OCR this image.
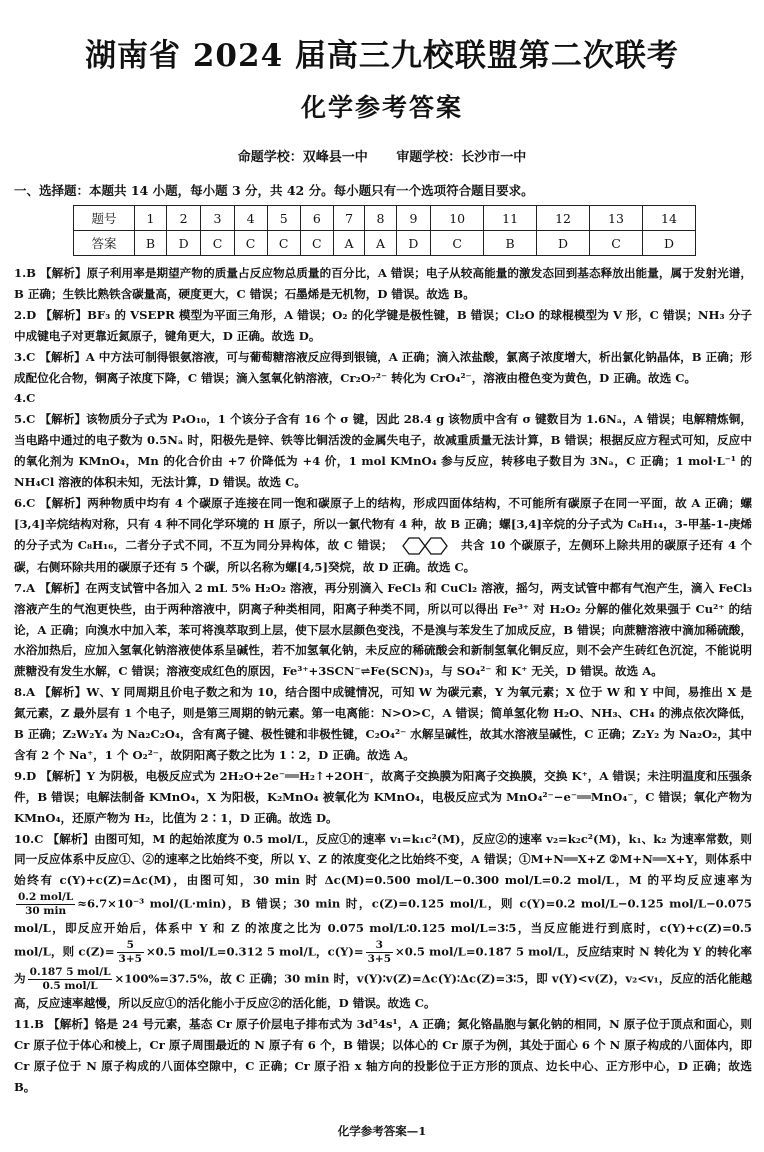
湖南省 2024 届高三九校联盟第二次联考
化学参考答案
命题学校：双峰县一中 审题学校：长沙市一中
一、选择题：本题共 14 小题，每小题 3 分，共 42 分。每小题只有一个选项符合题目要求。
题号	1	2	3	4	5	6	7	8	9	10	11	12	13	14
答案	B	D	C	C	C	C	A	A	D	C	B	D	C	D

1.B 【解析】原子利用率是期望产物的质量占反应物总质量的百分比，A 错误；电子从较高能量的激发态回到基态释放出能量，属于发射光谱，B 正确；生铁比熟铁含碳量高，硬度更大，C 错误；石墨烯是无机物，D 错误。故选 B。

2.D 【解析】BF₃ 的 VSEPR 模型为平面三角形，A 错误；O₂ 的化学键是极性键，B 错误；Cl₂O 的球棍模型为 V 形，C 错误；NH₃ 分子中成键电子对更靠近氮原子，键角更大，D 正确。故选 D。

3.C 【解析】A 中方法可制得银氨溶液，可与葡萄糖溶液反应得到银镜，A 正确；滴入浓盐酸，氯离子浓度增大，析出氯化钠晶体，B 正确；形成配位化合物，铜离子浓度下降，C 错误；滴入氢氧化钠溶液，Cr₂O₇²⁻ 转化为 CrO₄²⁻，溶液由橙色变为黄色，D 正确。故选 C。

4.C

5.C 【解析】该物质分子式为 P₄O₁₀，1 个该分子含有 16 个 σ 键，因此 28.4 g 该物质中含有 σ 键数目为 1.6Nₐ，A 错误；电解精炼铜，当电路中通过的电子数为 0.5Nₐ 时，阳极先是锌、铁等比铜活泼的金属失电子，故减重质量无法计算，B 错误；根据反应方程式可知，反应中的氧化剂为 KMnO₄，Mn 的化合价由 +7 价降低为 +4 价，1 mol KMnO₄ 参与反应，转移电子数目为 3Nₐ，C 正确；1 mol·L⁻¹ 的 NH₄Cl 溶液的体积未知，无法计算，D 错误。故选 C。

6.C 【解析】两种物质中均有 4 个碳原子连接在同一饱和碳原子上的结构，形成四面体结构，不可能所有碳原子在同一平面，故 A 正确；螺[3,4]辛烷结构对称，只有 4 种不同化学环境的 H 原子，所以一氯代物有 4 种，故 B 正确；螺[3,4]辛烷的分子式为 C₈H₁₄，3-甲基-1-庚烯的分子式为 C₈H₁₆，二者分子式不同，不互为同分异构体，故 C 错误；	共含 10 个碳原子，左侧环上除共用的碳原子还有 4 个碳，右侧环除共用的碳原子还有 5 个碳，所以名称为螺[4,5]癸烷，故 D 正确。故选 C。

7.A 【解析】在两支试管中各加入 2 mL 5% H₂O₂ 溶液，再分别滴入 FeCl₃ 和 CuCl₂ 溶液，摇匀，两支试管中都有气泡产生，滴入 FeCl₃ 溶液产生的气泡更快些，由于两种溶液中，阴离子种类相同，阳离子种类不同，所以可以得出 Fe³⁺ 对 H₂O₂ 分解的催化效果强于 Cu²⁺ 的结论，A 正确；向溴水中加入苯，苯可将溴萃取到上层，使下层水层颜色变浅，不是溴与苯发生了加成反应，B 错误；向蔗糖溶液中滴加稀硫酸，水浴加热后，应加入氢氧化钠溶液使体系呈碱性，若不加氢氧化钠，未反应的稀硫酸会和新制氢氧化铜反应，则不会产生砖红色沉淀，不能说明蔗糖没有发生水解，C 错误；溶液变成红色的原因，Fe³⁺+3SCN⁻⇌Fe(SCN)₃，与 SO₄²⁻ 和 K⁺ 无关，D 错误。故选 A。

8.A 【解析】W、Y 同周期且价电子数之和为 10，结合图中成键情况，可知 W 为碳元素，Y 为氧元素；X 位于 W 和 Y 中间，易推出 X 是氮元素，Z 最外层有 1 个电子，则是第三周期的钠元素。第一电离能：N>O>C，A 错误；简单氢化物 H₂O、NH₃、CH₄ 的沸点依次降低，B 正确；Z₂W₂Y₄ 为 Na₂C₂O₄，含有离子键、极性键和非极性键，C₂O₄²⁻ 水解呈碱性，故其水溶液呈碱性，C 正确；Z₂Y₂ 为 Na₂O₂，其中含有 2 个 Na⁺，1 个 O₂²⁻，故阴阳离子数之比为 1∶2，D 正确。故选 A。

9.D 【解析】Y 为阴极，电极反应式为 2H₂O+2e⁻══H₂↑+2OH⁻，故离子交换膜为阳离子交换膜，交换 K⁺，A 错误；未注明温度和压强条件，B 错误；电解法制备 KMnO₄，X 为阳极，K₂MnO₄ 被氧化为 KMnO₄，电极反应式为 MnO₄²⁻−e⁻══MnO₄⁻，C 错误；氧化产物为 KMnO₄，还原产物为 H₂，比值为 2∶1，D 正确。故选 D。

10.C 【解析】由图可知，M 的起始浓度为 0.5 mol/L，反应①的速率 v₁=k₁c²(M)，反应②的速率 v₂=k₂c²(M)，k₁、k₂ 为速率常数，则同一反应体系中反应①、②的速率之比始终不变，所以 Y、Z 的浓度变化之比始终不变，A 错误；①M+N══X+Z ②M+N══X+Y，则体系中始终有 c(Y)+c(Z)=Δc(M)，由图可知，30 min 时 Δc(M)=0.500 mol/L−0.300 mol/L=0.2 mol/L，M 的平均反应速率为
$\frac{\text{0.2 mol/L}}{30 \min} \approx 6.7\times 10^{-3}$ mol/(L·min)，B 错误；30 min 时，c(Z)=0.125 mol/L，则 c(Y)=0.2 mol/L−0.125 mol/L−0.075 mol/L，即反应开始后，体系中 Y 和 Z 的浓度之比为 0.075 mol/L∶0.125 mol/L=3∶5，当反应能进行到底时，c(Y)+c(Z)=0.5 mol/L，则 $c(Z)= \frac{5}{3+5} \times 0.5$ mol/L=0.312 5 mol/L，$c(Y)= \frac{3}{3+5} \times 0.5$ mol/L=0.187 5 mol/L，反应结束时 N 转化为 Y 的转化率为 $\frac{\text{0.187 5 mol/L}}{\text{0.5 mol/L}} \times 100\%=37.5\%$，故 C 正确；30 min 时，v(Y)∶v(Z)=Δc(Y)∶Δc(Z)=3∶5，即 v(Y)<v(Z)，v₂<v₁，反应的活化能越高，反应速率越慢，所以反应①的活化能小于反应②的活化能，D 错误。故选 C。

11.B 【解析】铬是 24 号元素，基态 Cr 原子价层电子排布式为 3d⁵4s¹，A 正确；氮化铬晶胞与氯化钠的相同，N 原子位于顶点和面心，则 Cr 原子位于体心和棱上，Cr 原子周围最近的 N 原子有 6 个，B 错误；以体心的 Cr 原子为例，其处于面心 6 个 N 原子构成的八面体内，即 Cr 原子位于 N 原子构成的八面体空隙中，C 正确；Cr 原子沿 x 轴方向的投影位于正方形的顶点、边长中心、正方形中心，D 正确；故选 B。

化学参考答案—1
